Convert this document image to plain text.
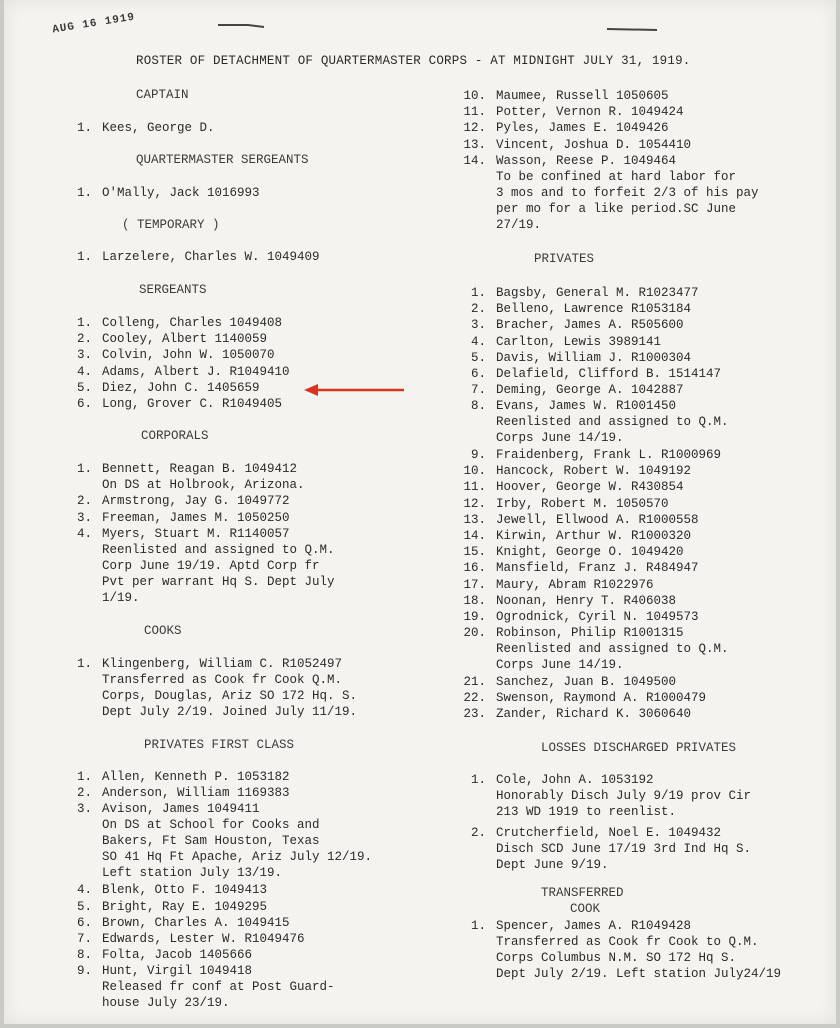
AUG 16 1919
ROSTER OF DETACHMENT OF QUARTERMASTER CORPS - AT MIDNIGHT JULY 31, 1919.
CAPTAIN
1. Kees, George D.
QUARTERMASTER SERGEANTS
1. O'Mally, Jack 1016993
( TEMPORARY )
1. Larzelere, Charles W. 1049409
SERGEANTS
1. Colleng, Charles 1049408
2. Cooley, Albert 1140059
3. Colvin, John W. 1050070
4. Adams, Albert J. R1049410
5. Diez, John C. 1405659
6. Long, Grover C. R1049405
CORPORALS
1. Bennett, Reagan B. 1049412
On DS at Holbrook, Arizona.
2. Armstrong, Jay G. 1049772
3. Freeman, James M. 1050250
4. Myers, Stuart M. R1140057
Reenlisted and assigned to Q.M.
Corp June 19/19. Aptd Corp fr
Pvt per warrant Hq S. Dept July
1/19.
COOKS
1. Klingenberg, William C. R1052497
Transferred as Cook fr Cook Q.M.
Corps, Douglas, Ariz SO 172 Hq. S.
Dept July 2/19. Joined July 11/19.
PRIVATES FIRST CLASS
1. Allen, Kenneth P. 1053182
2. Anderson, William 1169383
3. Avison, James 1049411
On DS at School for Cooks and
Bakers, Ft Sam Houston, Texas
SO 41 Hq Ft Apache, Ariz July 12/19.
Left station July 13/19.
4. Blenk, Otto F. 1049413
5. Bright, Ray E. 1049295
6. Brown, Charles A. 1049415
7. Edwards, Lester W. R1049476
8. Folta, Jacob 1405666
9. Hunt, Virgil 1049418
Released fr conf at Post Guard-
house July 23/19.
10. Maumee, Russell 1050605
11. Potter, Vernon R. 1049424
12. Pyles, James E. 1049426
13. Vincent, Joshua D. 1054410
14. Wasson, Reese P. 1049464
To be confined at hard labor for
3 mos and to forfeit 2/3 of his pay
per mo for a like period.SC June
27/19.
PRIVATES
1. Bagsby, General M. R1023477
2. Belleno, Lawrence R1053184
3. Bracher, James A. R505600
4. Carlton, Lewis 3989141
5. Davis, William J. R1000304
6. Delafield, Clifford B. 1514147
7. Deming, George A. 1042887
8. Evans, James W. R1001450
Reenlisted and assigned to Q.M.
Corps June 14/19.
9. Fraidenberg, Frank L. R1000969
10. Hancock, Robert W. 1049192
11. Hoover, George W. R430854
12. Irby, Robert M. 1050570
13. Jewell, Ellwood A. R1000558
14. Kirwin, Arthur W. R1000320
15. Knight, George O. 1049420
16. Mansfield, Franz J. R484947
17. Maury, Abram R1022976
18. Noonan, Henry T. R406038
19. Ogrodnick, Cyril N. 1049573
20. Robinson, Philip R1001315
Reenlisted and assigned to Q.M.
Corps June 14/19.
21. Sanchez, Juan B. 1049500
22. Swenson, Raymond A. R1000479
23. Zander, Richard K. 3060640
LOSSES DISCHARGED PRIVATES
1. Cole, John A. 1053192
Honorably Disch July 9/19 prov Cir
213 WD 1919 to reenlist.
2. Crutcherfield, Noel E. 1049432
Disch SCD June 17/19 3rd Ind Hq S.
Dept June 9/19.
TRANSFERRED
COOK
1. Spencer, James A. R1049428
Transferred as Cook fr Cook to Q.M.
Corps Columbus N.M. SO 172 Hq S.
Dept July 2/19. Left station July24/19
